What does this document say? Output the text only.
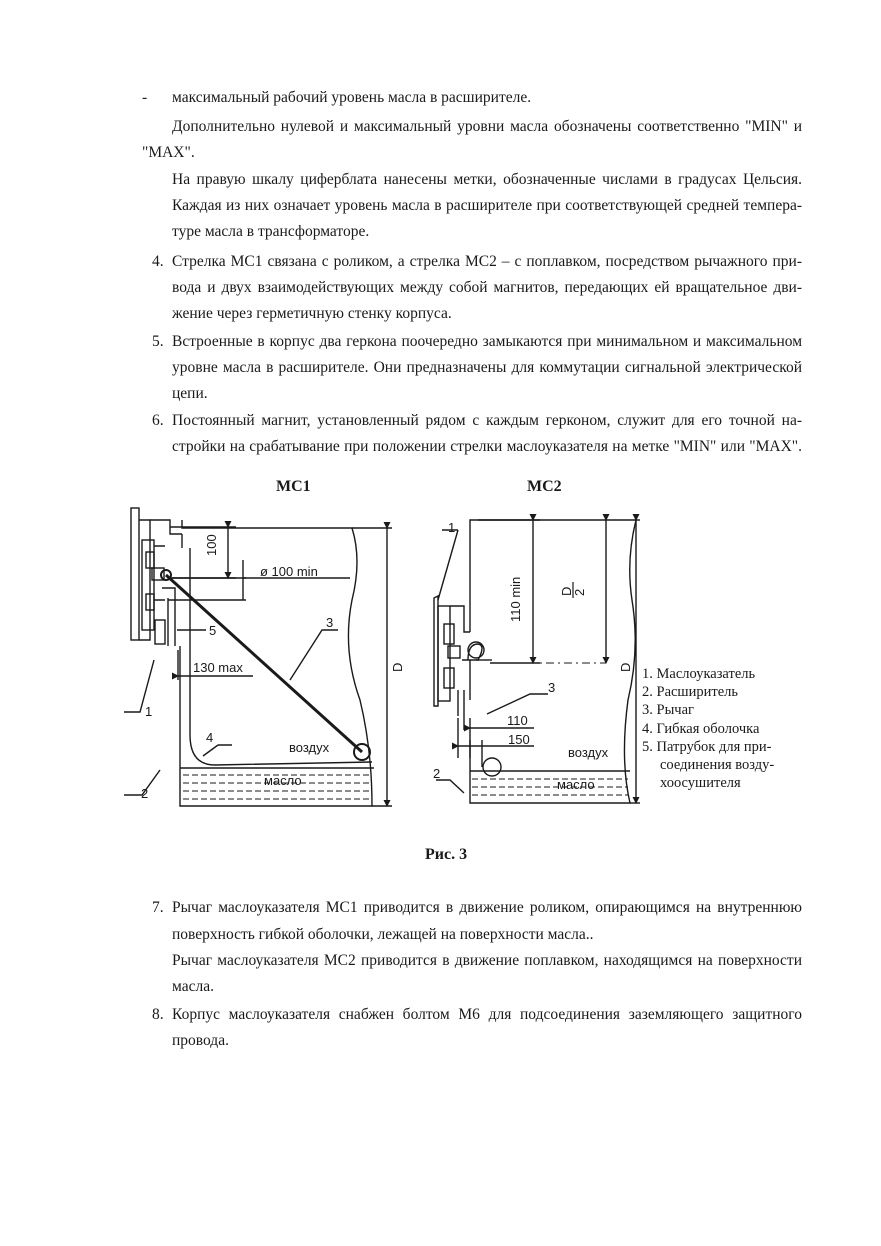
- максимальный рабочий уровень масла в расширителе.
Дополнительно нулевой и максимальный уровни масла обозначены соответственно "MIN" и
"MAX".
На правую шкалу циферблата нанесены метки, обозначенные числами в градусах Цельсия.
Каждая из них означает уровень масла в расширителе при соответствующей средней темпера-
туре масла в трансформаторе.
4. Стрелка МС1 связана с роликом, а стрелка МС2 – с поплавком, посредством рычажного при-
вода и двух взаимодействующих между собой магнитов, передающих ей вращательное дви-
жение через герметичную стенку корпуса.
5. Встроенные в корпус два геркона поочередно замыкаются при минимальном и максимальном
уровне масла в расширителе. Они предназначены для коммутации сигнальной электрической
цепи.
6. Постоянный магнит, установленный рядом с каждым герконом, служит для его точной на-
стройки на срабатывание при положении стрелки маслоуказателя на метке "MIN" или "MAX".
МС1	МС2
100
ø 100 min
130 max	D
1
2
3
4
5
воздух
масло
110 min	D
2
D
110
150
1
2
3
воздух
масло
1. Маслоуказатель
2. Расширитель
3. Рычаг
4. Гибкая оболочка
5. Патрубок для при-
соединения возду-
хоосушителя
Рис. 3
7. Рычаг маслоуказателя МС1 приводится в движение роликом, опирающимся на внутреннюю
поверхность гибкой оболочки, лежащей на поверхности масла..
Рычаг маслоуказателя МС2 приводится в движение поплавком, находящимся на поверхности
масла.
8. Корпус маслоуказателя снабжен болтом М6 для подсоединения заземляющего защитного
провода.
